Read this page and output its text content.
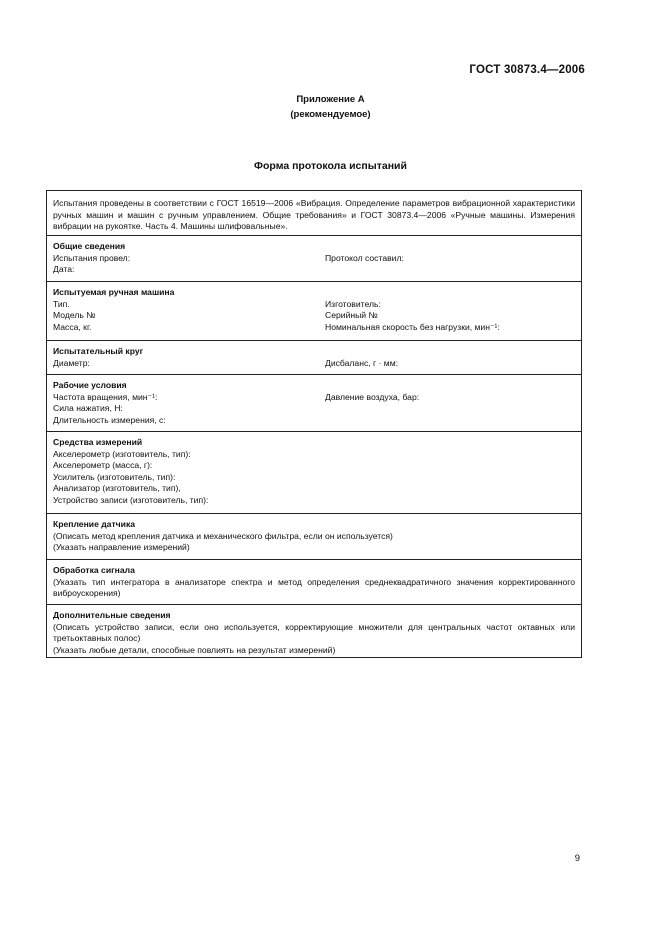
ГОСТ 30873.4—2006
Приложение А
(рекомендуемое)
Форма протокола испытаний
Испытания проведены в соответствии с ГОСТ 16519—2006 «Вибрация. Определение параметров вибрационной характеристики ручных машин и машин с ручным управлением. Общие требования» и ГОСТ 30873.4—2006 «Ручные машины. Измерения вибрации на рукоятке. Часть 4. Машины шлифовальные».
Общие сведения
Испытания провел:
Дата:
Протокол составил:
Испытуемая ручная машина
Тип.
Модель №
Масса, кг.
Изготовитель:
Серийный №
Номинальная скорость без нагрузки, мин⁻¹:
Испытательный круг
Диаметр:	Дисбаланс, г · мм:
Рабочие условия
Частота вращения, мин⁻¹:
Сила нажатия, Н:
Длительность измерения, с:
Давление воздуха, бар:
Средства измерений
Акселерометр (изготовитель, тип):
Акселерометр (масса, г):
Усилитель (изготовитель, тип):
Анализатор (изготовитель, тип),
Устройство записи (изготовитель, тип):
Крепление датчика
(Описать метод крепления датчика и механического фильтра, если он используется)
(Указать направление измерений)
Обработка сигнала
(Указать тип интегратора в анализаторе спектра и метод определения среднеквадратичного значения корректированного виброускорения)
Дополнительные сведения
(Описать устройство записи, если оно используется, корректирующие множители для центральных частот октавных или третьоктавных полос)
(Указать любые детали, способные повлиять на результат измерений)
9
